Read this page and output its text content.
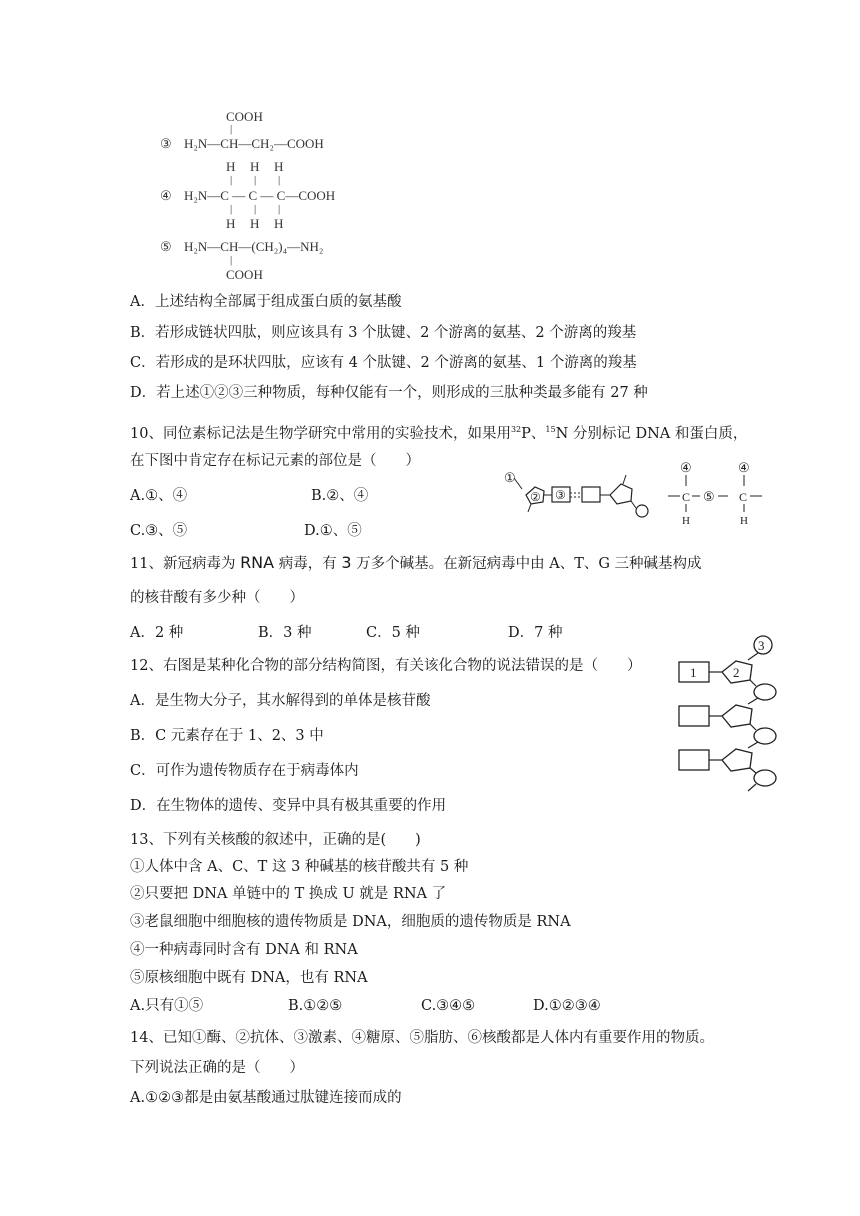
COOH
|
③ H₂N—CH—CH₂—COOH
H H H
| | |
④ H₂N—C — C — C—COOH
| | |
H H H
⑤ H₂N—CH—(CH₂)₄—NH₂
|
COOH
A．上述结构全部属于组成蛋白质的氨基酸
B．若形成链状四肽，则应该具有 3 个肽键、2 个游离的氨基、2 个游离的羧基
C．若形成的是环状四肽，应该有 4 个肽键、2 个游离的氨基、1 个游离的羧基
D．若上述①②③三种物质，每种仅能有一个，则形成的三肽种类最多能有 27 种
10、同位素标记法是生物学研究中常用的实验技术，如果用$^{32}$P、$^{15}$N 分别标记 DNA 和蛋白质，
在下图中肯定存在标记元素的部位是（　　）
A.①、④	B.②、④
C.③、⑤	D.①、⑤
①
② ③
④
C ⑤
④
C
H	H
11、新冠病毒为 RNA 病毒，有 3 万多个碱基。在新冠病毒中由 A、T、G 三种碱基构成
的核苷酸有多少种（　　）
A．2 种	B．3 种	C．5 种	D．7 种
12、右图是某种化合物的部分结构简图，有关该化合物的说法错误的是（　　）
A．是生物大分子，其水解得到的单体是核苷酸
B．C 元素存在于 1、2、3 中
C．可作为遗传物质存在于病毒体内
D．在生物体的遗传、变异中具有极其重要的作用
3
1	2
13、下列有关核酸的叙述中，正确的是(　　)
①人体中含 A、C、T 这 3 种碱基的核苷酸共有 5 种
②只要把 DNA 单链中的 T 换成 U 就是 RNA 了
③老鼠细胞中细胞核的遗传物质是 DNA，细胞质的遗传物质是 RNA
④一种病毒同时含有 DNA 和 RNA
⑤原核细胞中既有 DNA，也有 RNA
A.只有①⑤	B.①②⑤	C.③④⑤	D.①②③④
14、已知①酶、②抗体、③激素、④糖原、⑤脂肪、⑥核酸都是人体内有重要作用的物质。
下列说法正确的是（　　）
A.①②③都是由氨基酸通过肽键连接而成的
